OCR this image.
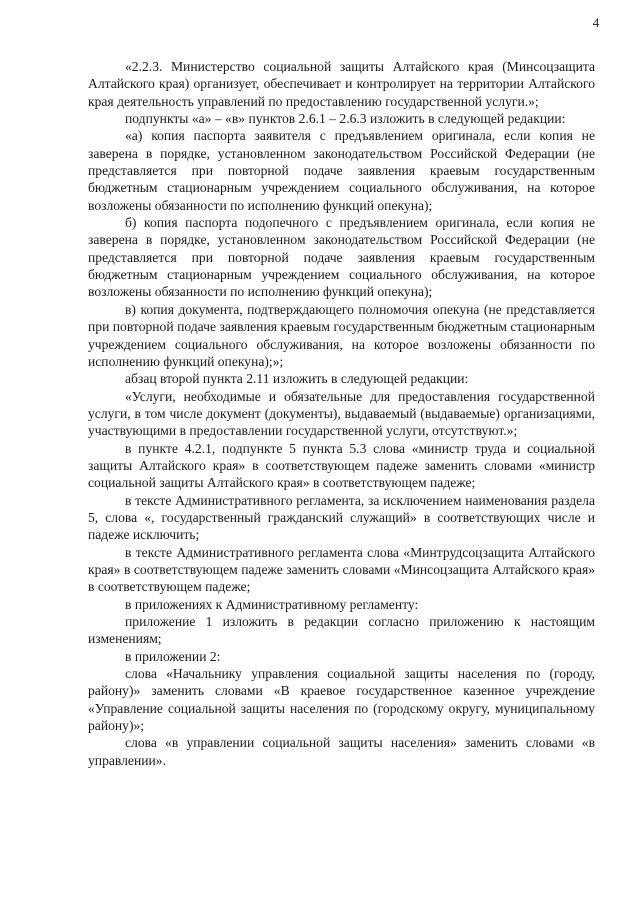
4

«2.2.3. Министерство социальной защиты Алтайского края (Минсоцзащита Алтайского края) организует, обеспечивает и контролирует на территории Алтайского края деятельность управлений по предоставлению государственной услуги.»;

подпункты «а» – «в» пунктов 2.6.1 – 2.6.3 изложить в следующей редакции:

«а) копия паспорта заявителя с предъявлением оригинала, если копия не заверена в порядке, установленном законодательством Российской Федерации (не представляется при повторной подаче заявления краевым государственным бюджетным стационарным учреждением социального обслуживания, на которое возложены обязанности по исполнению функций опекуна);

б) копия паспорта подопечного с предъявлением оригинала, если копия не заверена в порядке, установленном законодательством Российской Федерации (не представляется при повторной подаче заявления краевым государственным бюджетным стационарным учреждением социального обслуживания, на которое возложены обязанности по исполнению функций опекуна);

в) копия документа, подтверждающего полномочия опекуна (не представляется при повторной подаче заявления краевым государственным бюджетным стационарным учреждением социального обслуживания, на которое возложены обязанности по исполнению функций опекуна);»;

абзац второй пункта 2.11 изложить в следующей редакции:

«Услуги, необходимые и обязательные для предоставления государственной услуги, в том числе документ (документы), выдаваемый (выдаваемые) организациями, участвующими в предоставлении государственной услуги, отсутствуют.»;

в пункте 4.2.1, подпункте 5 пункта 5.3 слова «министр труда и социальной защиты Алтайского края» в соответствующем падеже заменить словами «министр социальной защиты Алтайского края» в соответствующем падеже;

в тексте Административного регламента, за исключением наименования раздела 5, слова «, государственный гражданский служащий» в соответствующих числе и падеже исключить;

в тексте Административного регламента слова «Минтрудсоцзащита Алтайского края» в соответствующем падеже заменить словами «Минсоцзащита Алтайского края» в соответствующем падеже;

в приложениях к Административному регламенту:

приложение 1 изложить в редакции согласно приложению к настоящим изменениям;

в приложении 2:

слова «Начальнику управления социальной защиты населения по (городу, району)» заменить словами «В краевое государственное казенное учреждение «Управление социальной защиты населения по (городскому округу, муниципальному району)»;

слова «в управлении социальной защиты населения» заменить словами «в управлении».
